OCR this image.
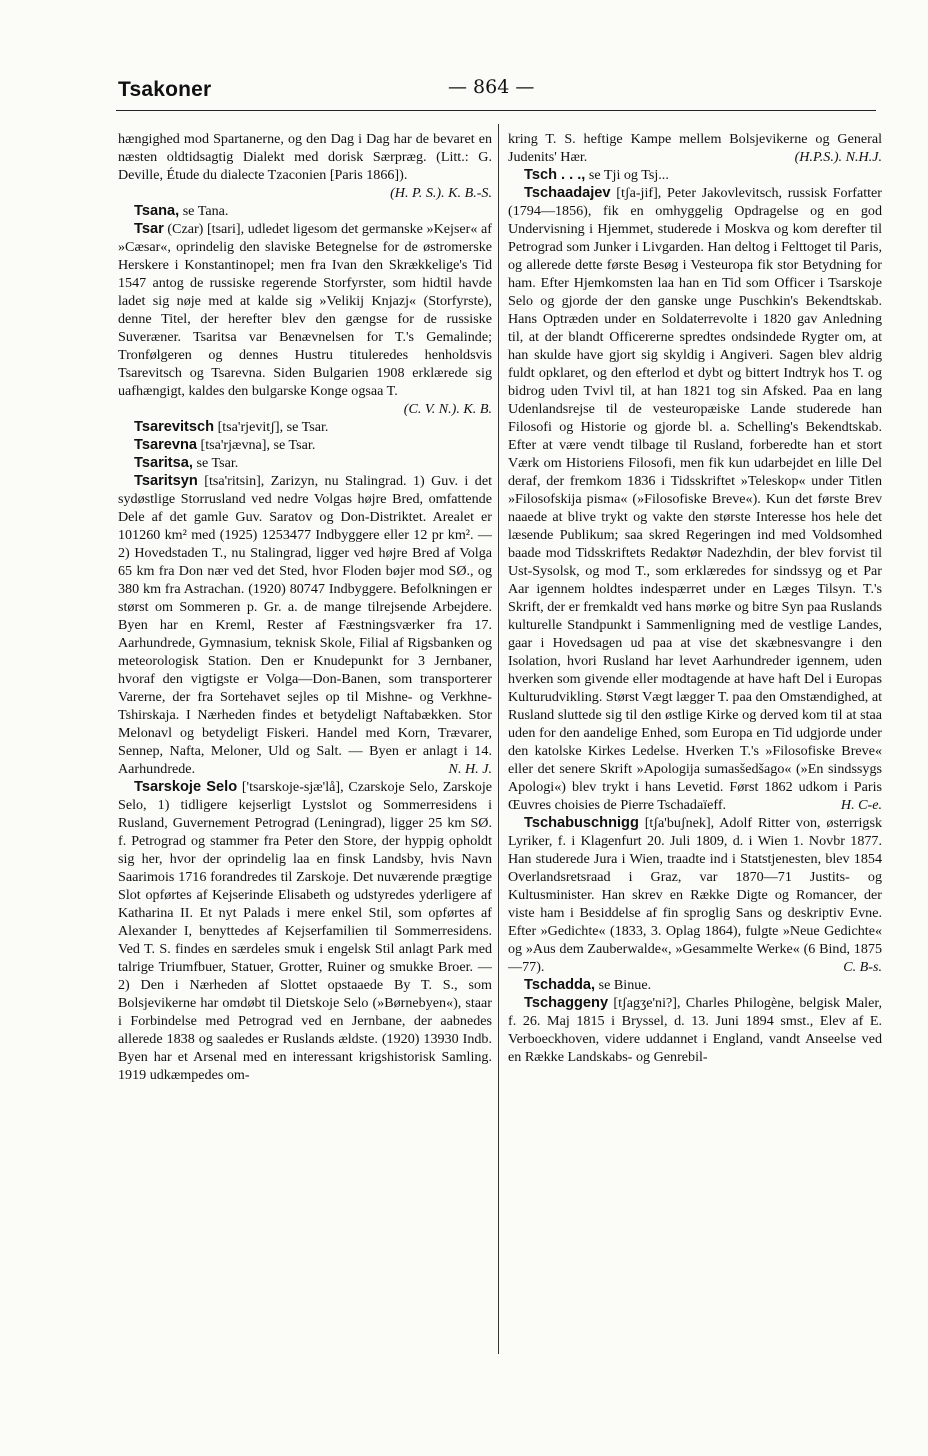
Tsakoner	— 864 —

hængighed mod Spartanerne, og den Dag i Dag har de bevaret en næsten oldtidsagtig Dialekt med dorisk Særpræg. (Litt.: G. Deville, Étude du dialecte Tzaconien [Paris 1866]).
(H. P. S.). K. B.-S.

Tsana, se Tana.

Tsar (Czar) [tsari], udledet ligesom det germanske »Kejser« af »Cæsar«, oprindelig den slaviske Betegnelse for de østromerske Herskere i Konstantinopel; men fra Ivan den Skrækkelige's Tid 1547 antog de russiske regerende Storfyrster, som hidtil havde ladet sig nøje med at kalde sig »Velikij Knjazj« (Storfyrste), denne Titel, der herefter blev den gængse for de russiske Suveræner. Tsaritsa var Benævnelsen for T.'s Gemalinde; Tronfølgeren og dennes Hustru tituleredes henholdsvis Tsarevitsch og Tsarevna. Siden Bulgarien 1908 erklærede sig uafhængigt, kaldes den bulgarske Konge ogsaa T.
(C. V. N.). K. B.

Tsarevitsch [tsa'rjevitʃ], se Tsar.

Tsarevna [tsa'rjævna], se Tsar.

Tsaritsa, se Tsar.

Tsaritsyn [tsa'ritsin], Zarizyn, nu Stalingrad. 1) Guv. i det sydøstlige Storrusland ved nedre Volgas højre Bred, omfattende Dele af det gamle Guv. Saratov og Don-Distriktet. Arealet er 101260 km² med (1925) 1253477 Indbyggere eller 12 pr km². — 2) Hovedstaden T., nu Stalingrad, ligger ved højre Bred af Volga 65 km fra Don nær ved det Sted, hvor Floden bøjer mod SØ., og 380 km fra Astrachan. (1920) 80747 Indbyggere. Befolkningen er størst om Sommeren p. Gr. a. de mange tilrejsende Arbejdere. Byen har en Kreml, Rester af Fæstningsværker fra 17. Aarhundrede, Gymnasium, teknisk Skole, Filial af Rigsbanken og meteorologisk Station. Den er Knudepunkt for 3 Jernbaner, hvoraf den vigtigste er Volga—Don-Banen, som transporterer Varerne, der fra Sortehavet sejles op til Mishne- og Verkhne-Tshirskaja. I Nærheden findes et betydeligt Naftabækken. Stor Melonavl og betydeligt Fiskeri. Handel med Korn, Trævarer, Sennep, Nafta, Meloner, Uld og Salt. — Byen er anlagt i 14. Aarhundrede.	N. H. J.

Tsarskoje Selo ['tsarskoje-sjæ'lå], Czarskoje Selo, Zarskoje Selo, 1) tidligere kejserligt Lystslot og Sommerresidens i Rusland, Guvernement Petrograd (Leningrad), ligger 25 km SØ. f. Petrograd og stammer fra Peter den Store, der hyppig opholdt sig her, hvor der oprindelig laa en finsk Landsby, hvis Navn Saarimois 1716 forandredes til Zarskoje. Det nuværende prægtige Slot opførtes af Kejserinde Elisabeth og udstyredes yderligere af Katharina II. Et nyt Palads i mere enkel Stil, som opførtes af Alexander I, benyttedes af Kejserfamilien til Sommerresidens. Ved T. S. findes en særdeles smuk i engelsk Stil anlagt Park med talrige Triumfbuer, Statuer, Grotter, Ruiner og smukke Broer. — 2) Den i Nærheden af Slottet opstaaede By T. S., som Bolsjevikerne har omdøbt til Dietskoje Selo (»Børnebyen«), staar i Forbindelse med Petrograd ved en Jernbane, der aabnedes allerede 1838 og saaledes er Ruslands ældste. (1920) 13930 Indb. Byen har et Arsenal med en interessant krigshistorisk Samling. 1919 udkæmpedes om-

kring T. S. heftige Kampe mellem Bolsjevikerne og General Judenits' Hær.	(H.P.S.). N.H.J.

Tsch . . ., se Tji og Tsj...

Tschaadajev [tʃa-jif], Peter Jakovlevitsch, russisk Forfatter (1794—1856), fik en omhyggelig Opdragelse og en god Undervisning i Hjemmet, studerede i Moskva og kom derefter til Petrograd som Junker i Livgarden. Han deltog i Felttoget til Paris, og allerede dette første Besøg i Vesteuropa fik stor Betydning for ham. Efter Hjemkomsten laa han en Tid som Officer i Tsarskoje Selo og gjorde der den ganske unge Puschkin's Bekendtskab. Hans Optræden under en Soldaterrevolte i 1820 gav Anledning til, at der blandt Officererne spredtes ondsindede Rygter om, at han skulde have gjort sig skyldig i Angiveri. Sagen blev aldrig fuldt opklaret, og den efterlod et dybt og bittert Indtryk hos T. og bidrog uden Tvivl til, at han 1821 tog sin Afsked. Paa en lang Udenlandsrejse til de vesteuropæiske Lande studerede han Filosofi og Historie og gjorde bl. a. Schelling's Bekendtskab. Efter at være vendt tilbage til Rusland, forberedte han et stort Værk om Historiens Filosofi, men fik kun udarbejdet en lille Del deraf, der fremkom 1836 i Tidsskriftet »Teleskop« under Titlen »Filosofskija pisma« (»Filosofiske Breve«). Kun det første Brev naaede at blive trykt og vakte den største Interesse hos hele det læsende Publikum; saa skred Regeringen ind med Voldsomhed baade mod Tidsskriftets Redaktør Nadezhdin, der blev forvist til Ust-Sysolsk, og mod T., som erklæredes for sindssyg og et Par Aar igennem holdtes indespærret under en Læges Tilsyn. T.'s Skrift, der er fremkaldt ved hans mørke og bitre Syn paa Ruslands kulturelle Standpunkt i Sammenligning med de vestlige Landes, gaar i Hovedsagen ud paa at vise det skæbnesvangre i den Isolation, hvori Rusland har levet Aarhundreder igennem, uden hverken som givende eller modtagende at have haft Del i Europas Kulturudvikling. Størst Vægt lægger T. paa den Omstændighed, at Rusland sluttede sig til den østlige Kirke og derved kom til at staa uden for den aandelige Enhed, som Europa en Tid udgjorde under den katolske Kirkes Ledelse. Hverken T.'s »Filosofiske Breve« eller det senere Skrift »Apologija sumasšedšago« (»En sindssygs Apologi«) blev trykt i hans Levetid. Først 1862 udkom i Paris Œuvres choisies de Pierre Tschadaïeff.	H. C-e.

Tschabuschnigg [tʃa'buʃnek], Adolf Ritter von, østerrigsk Lyriker, f. i Klagenfurt 20. Juli 1809, d. i Wien 1. Novbr 1877. Han studerede Jura i Wien, traadte ind i Statstjenesten, blev 1854 Overlandsretsraad i Graz, var 1870—71 Justits- og Kultusminister. Han skrev en Række Digte og Romancer, der viste ham i Besiddelse af fin sproglig Sans og deskriptiv Evne. Efter »Gedichte« (1833, 3. Oplag 1864), fulgte »Neue Gedichte« og »Aus dem Zauberwalde«, »Gesammelte Werke« (6 Bind, 1875—77).	C. B-s.

Tschadda, se Binue.

Tschaggeny [tʃagʒe'ni?], Charles Philogène, belgisk Maler, f. 26. Maj 1815 i Bryssel, d. 13. Juni 1894 smst., Elev af E. Verboeckhoven, videre uddannet i England, vandt Anseelse ved en Række Landskabs- og Genrebil-
